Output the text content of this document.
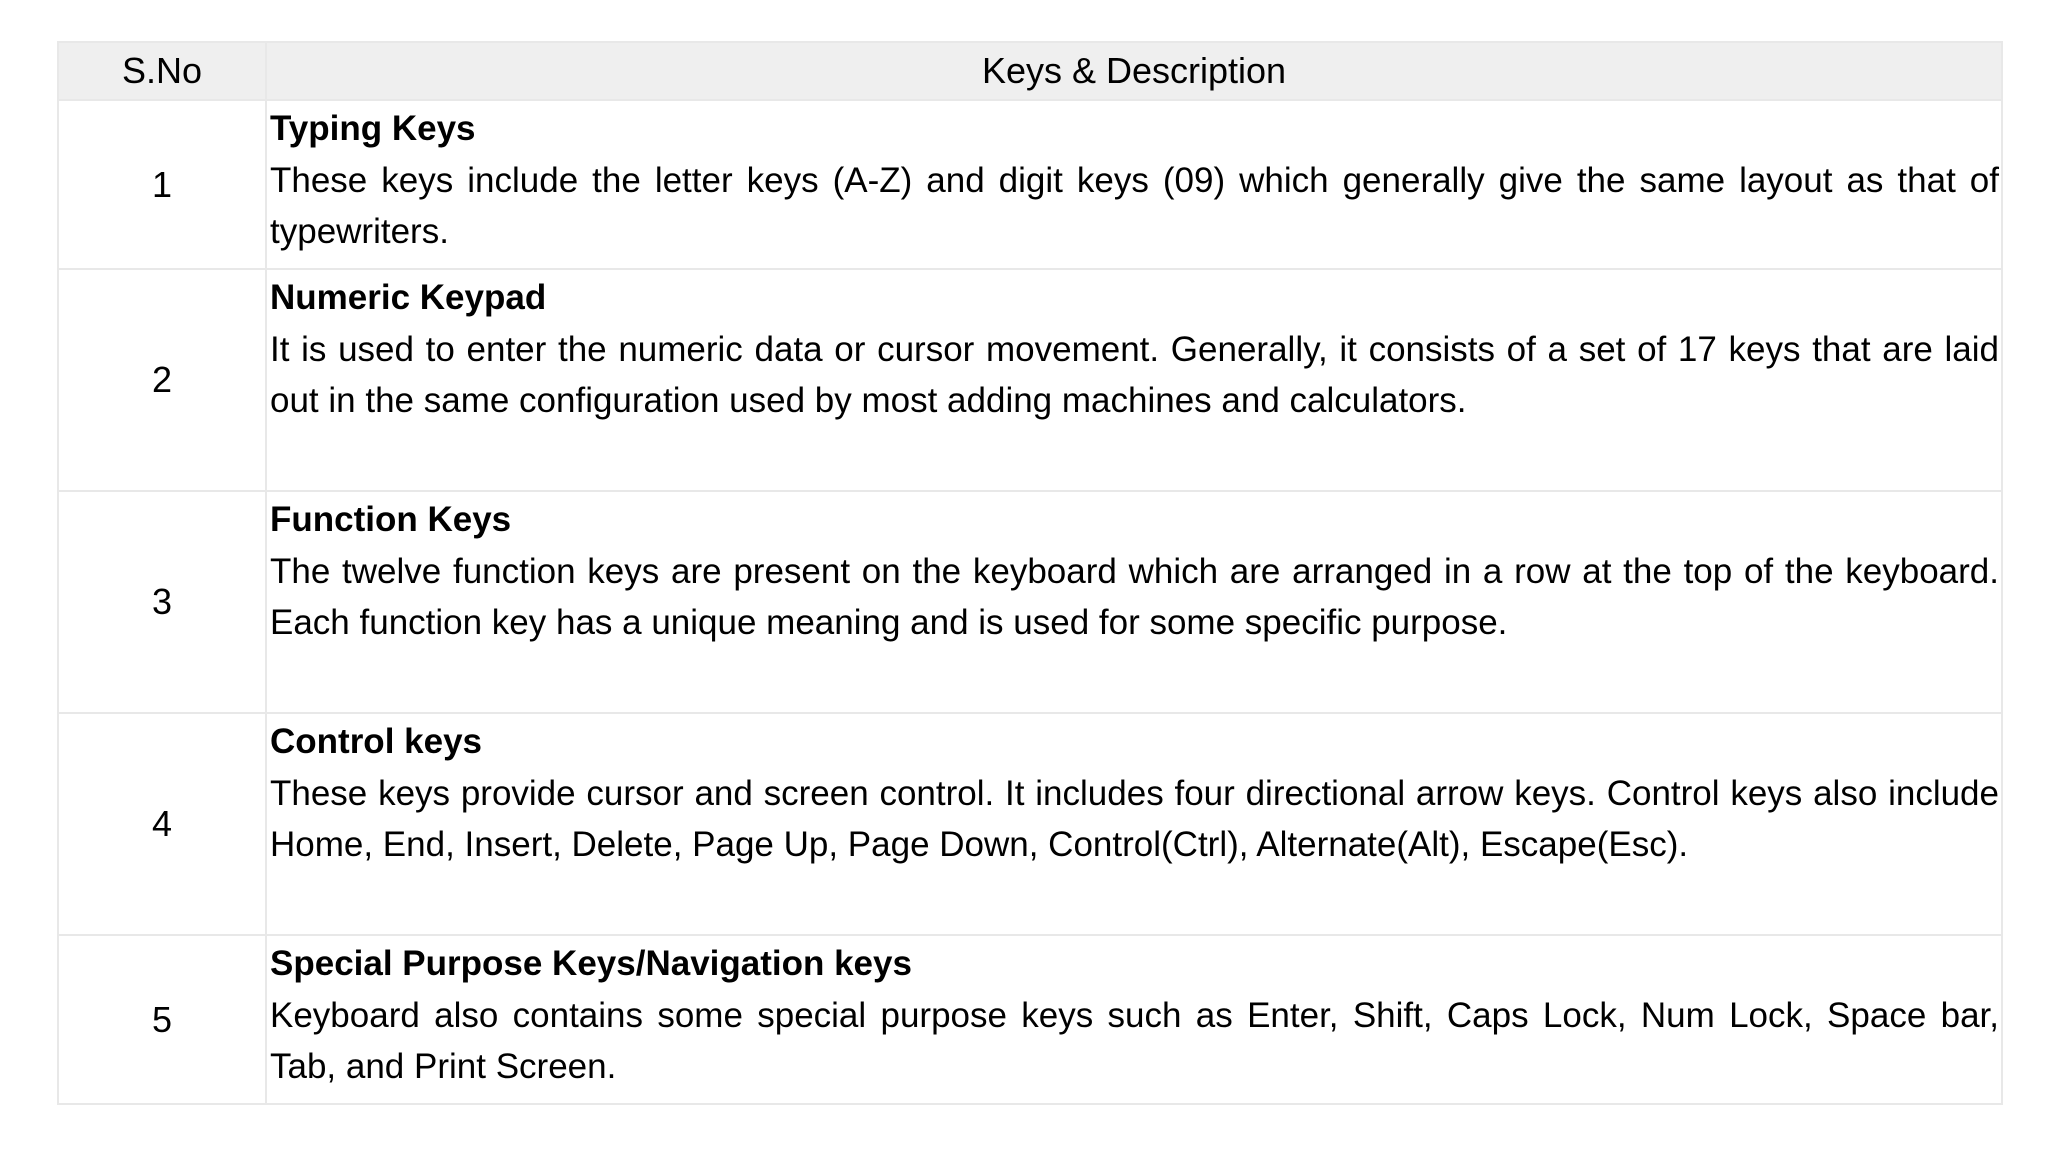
S.No	Keys & Description
1	Typing Keys
These keys include the letter keys (A-Z) and digit keys (09) which generally give the same layout as that of typewriters.

2	Numeric Keypad
It is used to enter the numeric data or cursor movement. Generally, it consists of a set of 17 keys that are laid out in the same configuration used by most adding machines and calculators.

3	Function Keys
The twelve function keys are present on the keyboard which are arranged in a row at the top of the keyboard. Each function key has a unique meaning and is used for some specific purpose.

4	Control keys
These keys provide cursor and screen control. It includes four directional arrow keys. Control keys also include Home, End, Insert, Delete, Page Up, Page Down, Control(Ctrl), Alternate(Alt), Escape(Esc).

5	Special Purpose Keys/Navigation keys
Keyboard also contains some special purpose keys such as Enter, Shift, Caps Lock, Num Lock, Space bar, Tab, and Print Screen.
